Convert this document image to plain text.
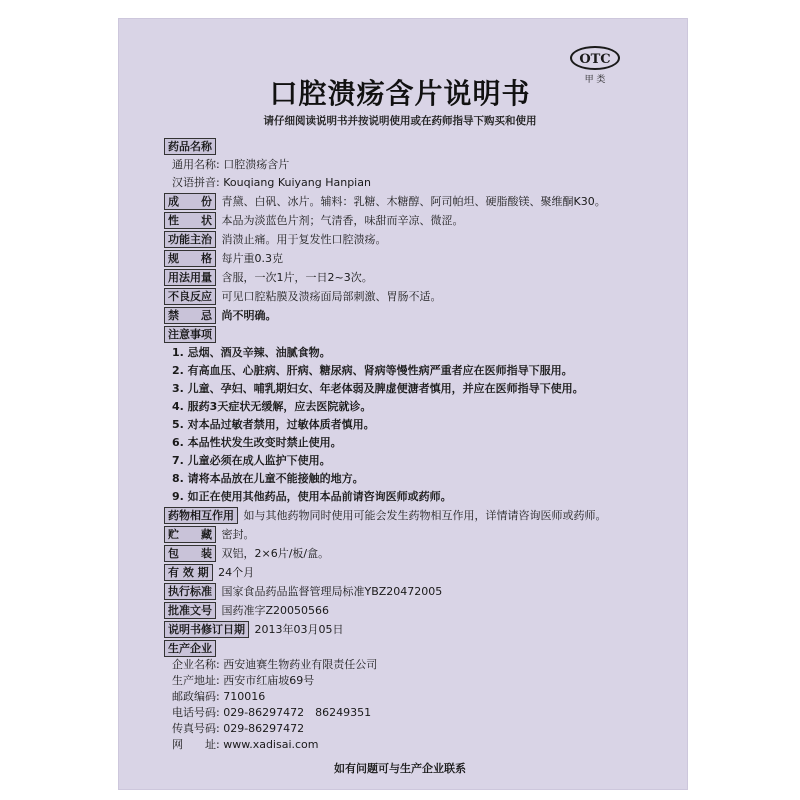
OTC
甲 类
口腔溃疡含片说明书
请仔细阅读说明书并按说明使用或在药师指导下购买和使用
药品名称
通用名称: 口腔溃疡含片
汉语拼音: Kouqiang Kuiyang Hanpian
成　　份 青黛、白矾、冰片。辅料：乳糖、木糖醇、阿司帕坦、硬脂酸镁、聚维酮K30。
性　　状 本品为淡蓝色片剂；气清香，味甜而辛凉、微涩。
功能主治 消溃止痛。用于复发性口腔溃疡。
规　　格 每片重0.3克
用法用量 含服，一次1片，一日2~3次。
不良反应 可见口腔粘膜及溃疡面局部刺激、胃肠不适。
禁　　忌 尚不明确。
注意事项
1. 忌烟、酒及辛辣、油腻食物。
2. 有高血压、心脏病、肝病、糖尿病、肾病等慢性病严重者应在医师指导下服用。
3. 儿童、孕妇、哺乳期妇女、年老体弱及脾虚便溏者慎用，并应在医师指导下使用。
4. 服药3天症状无缓解，应去医院就诊。
5. 对本品过敏者禁用，过敏体质者慎用。
6. 本品性状发生改变时禁止使用。
7. 儿童必须在成人监护下使用。
8. 请将本品放在儿童不能接触的地方。
9. 如正在使用其他药品，使用本品前请咨询医师或药师。
药物相互作用 如与其他药物同时使用可能会发生药物相互作用，详情请咨询医师或药师。
贮　　藏 密封。
包　　装 双铝，2×6片/板/盒。
有 效 期 24个月
执行标准 国家食品药品监督管理局标准YBZ20472005
批准文号 国药准字Z20050566
说明书修订日期 2013年03月05日
生产企业
企业名称: 西安迪赛生物药业有限责任公司
生产地址: 西安市红庙坡69号
邮政编码: 710016
电话号码: 029-86297472　86249351
如有问题可与生产企业联系
传真号码: 029-86297472
网　　址: www.xadisai.com
